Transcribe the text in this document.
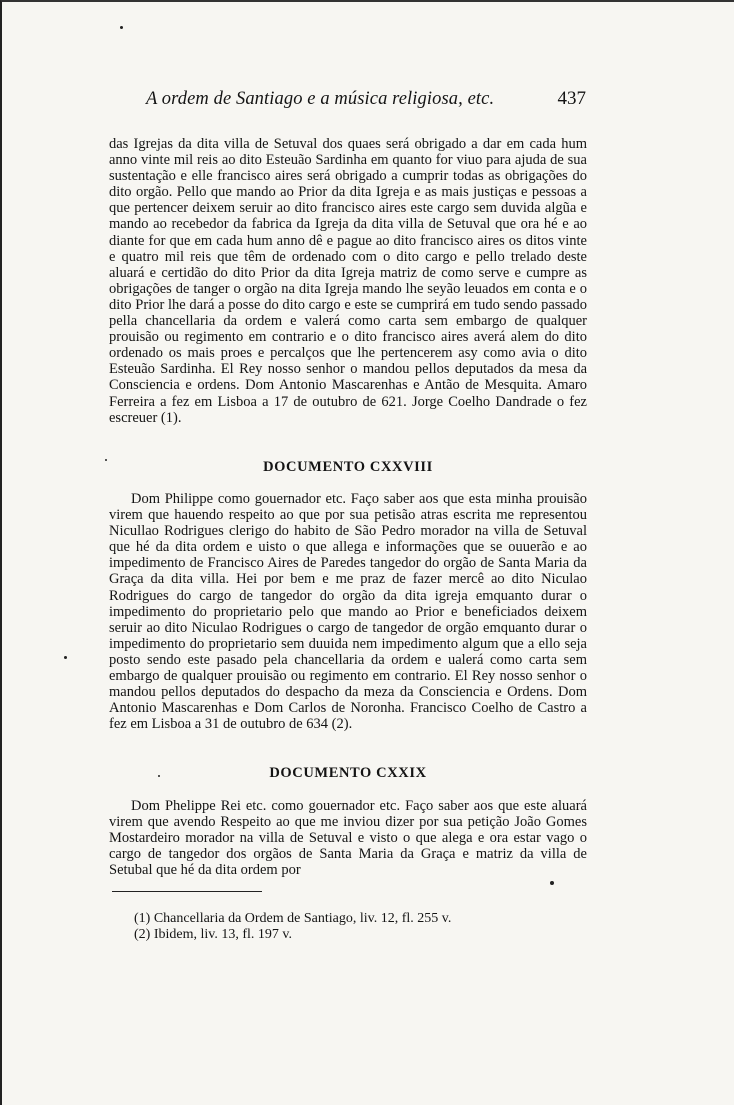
A ordem de Santiago e a música religiosa, etc.	437

das Igrejas da dita villa de Setuval dos quaes será obrigado a dar em cada hum anno vinte mil reis ao dito Esteuão Sardinha em quanto for viuo para ajuda de sua sustentação e elle francisco aires será obrigado a cumprir todas as obrigações do dito orgão. Pello que mando ao Prior da dita Igreja e as mais justiças e pessoas a que pertencer deixem seruir ao dito francisco aires este cargo sem duvida algũa e mando ao recebedor da fabrica da Igreja da dita villa de Setuval que ora hé e ao diante for que em cada hum anno dê e pague ao dito francisco aires os ditos vinte e quatro mil reis que têm de ordenado com o dito cargo e pello trelado deste aluará e certidão do dito Prior da dita Igreja matriz de como serve e cumpre as obrigações de tanger o orgão na dita Igreja mando lhe seyão leuados em conta e o dito Prior lhe dará a posse do dito cargo e este se cumprirá em tudo sendo passado pella chancellaria da ordem e valerá como carta sem embargo de qualquer prouisão ou regimento em contrario e o dito francisco aires averá alem do dito ordenado os mais proes e percalços que lhe pertencerem asy como avia o dito Esteuão Sardinha. El Rey nosso senhor o mandou pellos deputados da mesa da Consciencia e ordens. Dom Antonio Mascarenhas e Antão de Mesquita. Amaro Ferreira a fez em Lisboa a 17 de outubro de 621. Jorge Coelho Dandrade o fez escreuer (1).

DOCUMENTO CXXVIII

Dom Philippe como gouernador etc. Faço saber aos que esta minha prouisão virem que hauendo respeito ao que por sua petisão atras escrita me representou Nicullao Rodrigues clerigo do habito de São Pedro morador na villa de Setuval que hé da dita ordem e uisto o que allega e informações que se ouuerão e ao impedimento de Francisco Aires de Paredes tangedor do orgão de Santa Maria da Graça da dita villa. Hei por bem e me praz de fazer mercê ao dito Niculao Rodrigues do cargo de tangedor do orgão da dita igreja emquanto durar o impedimento do proprietario pelo que mando ao Prior e beneficiados deixem seruir ao dito Niculao Rodrigues o cargo de tangedor de orgão emquanto durar o impedimento do proprietario sem duuida nem impedimento algum que a ello seja posto sendo este pasado pela chancellaria da ordem e ualerá como carta sem embargo de qualquer prouisão ou regimento em contrario. El Rey nosso senhor o mandou pellos deputados do despacho da meza da Consciencia e Ordens. Dom Antonio Mascarenhas e Dom Carlos de Noronha. Francisco Coelho de Castro a fez em Lisboa a 31 de outubro de 634 (2).

DOCUMENTO CXXIX

Dom Phelippe Rei etc. como gouernador etc. Faço saber aos que este aluará virem que avendo Respeito ao que me inviou dizer por sua petição João Gomes Mostardeiro morador na villa de Setuval e visto o que alega e ora estar vago o cargo de tangedor dos orgãos de Santa Maria da Graça e matriz da villa de Setubal que hé da dita ordem por

(1) Chancellaria da Ordem de Santiago, liv. 12, fl. 255 v.

(2) Ibidem, liv. 13, fl. 197 v.
